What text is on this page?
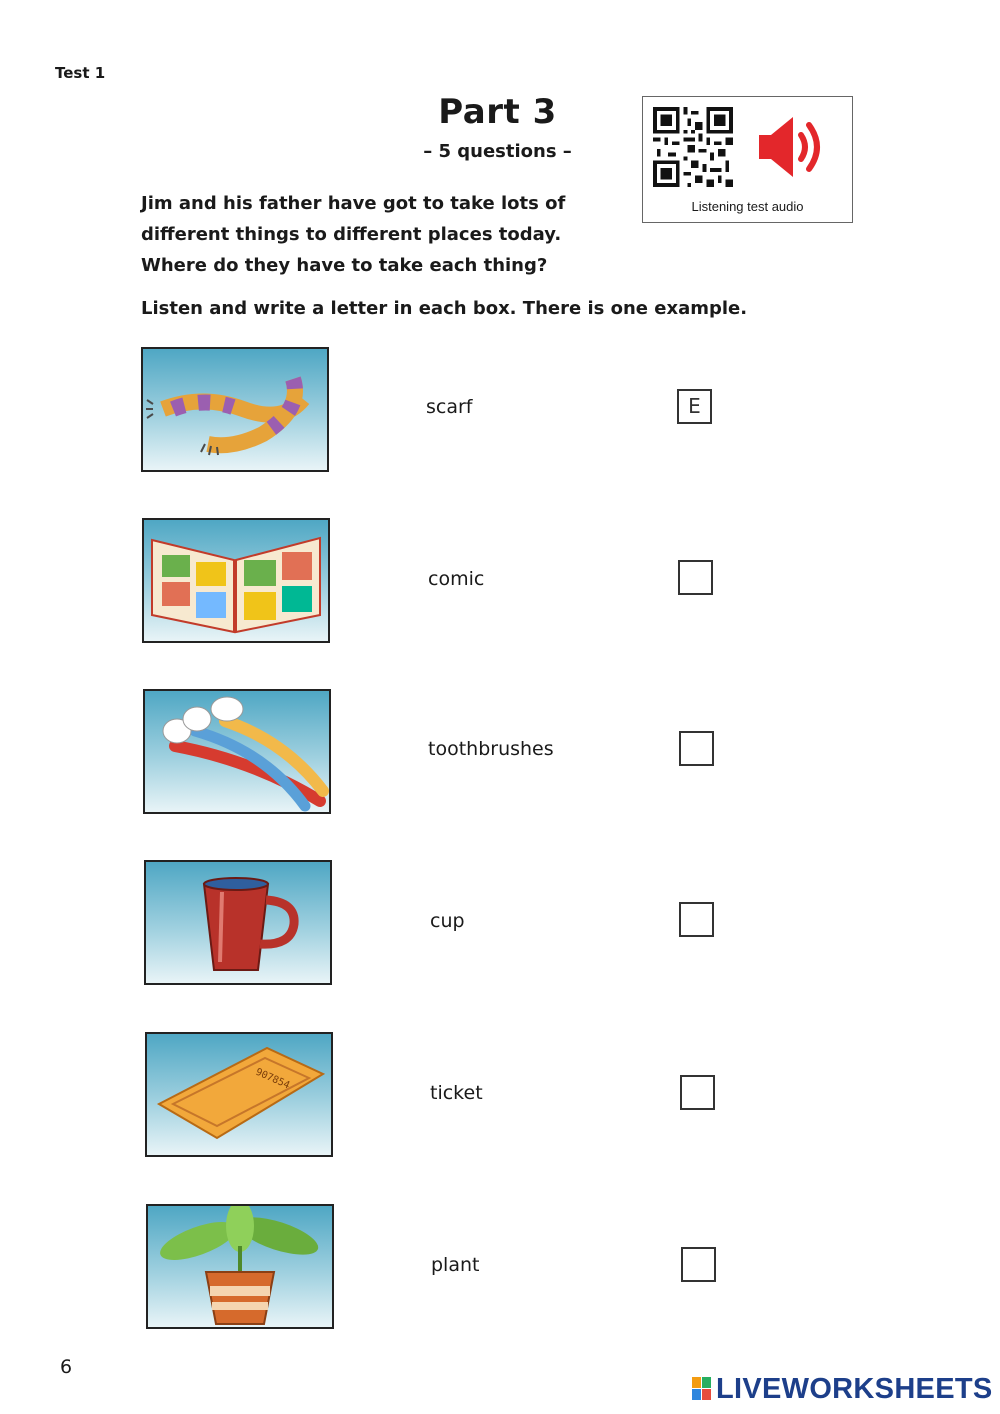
Test 1
Part 3
– 5 questions –
Listening test audio
Jim and his father have got to take lots of
different things to different places today.
Where do they have to take each thing?
Listen and write a letter in each box. There is one example.
scarf	E
comic
toothbrushes
cup
907854
ticket
plant
6
LIVEWORKSHEETS
